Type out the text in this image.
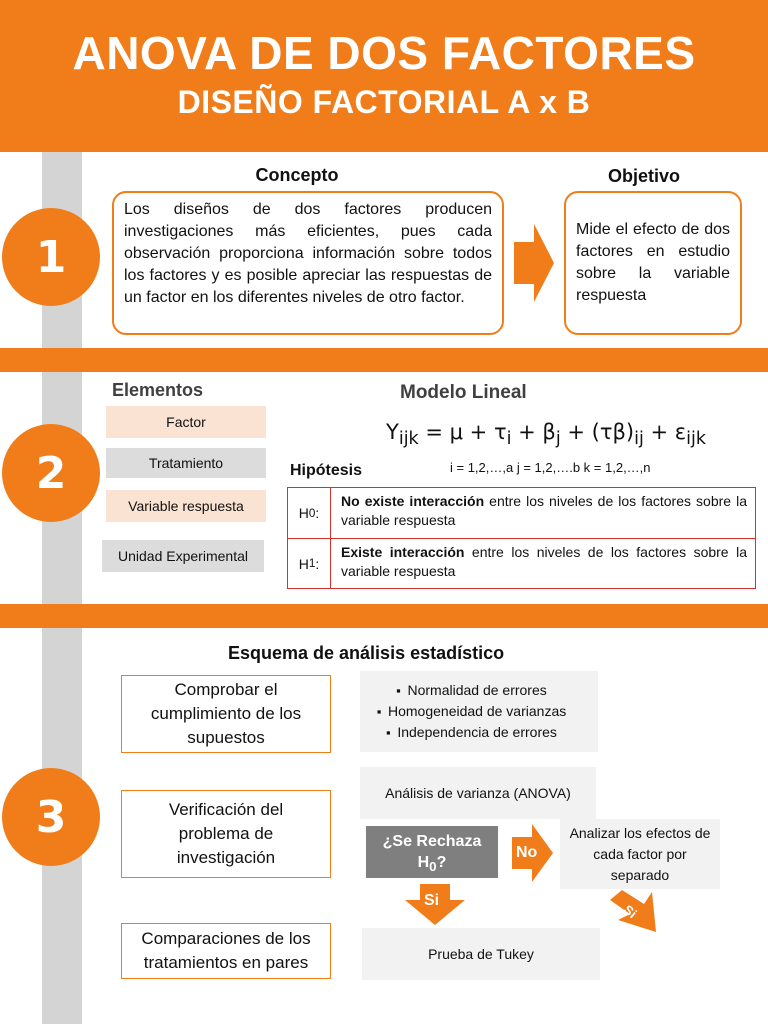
ANOVA DE DOS FACTORES
DISEÑO FACTORIAL A x B
1
2
3
Concepto
Los diseños de dos factores producen investigaciones más eficientes, pues cada observación proporciona información sobre todos los factores y es posible apreciar las respuestas de un factor en los diferentes niveles de otro factor.
Objetivo
Mide el efecto de dos factores en estudio sobre la variable respuesta
Elementos
Factor
Tratamiento
Variable respuesta
Unidad Experimental
Modelo Lineal
$Y_{ijk} = \mu + \tau_i + \beta_j + (\tau\beta)_{ij} + \varepsilon_{ijk}$
Hipótesis	i = 1,2,…,a j = 1,2,….b k = 1,2,…,n
H 0 :
No existe interacción entre los niveles de los factores sobre la variable respuesta
H 1 :
Existe interacción entre los niveles de los factores sobre la variable respuesta
Esquema de análisis estadístico
Comprobar el cumplimiento de los supuestos
▪ Normalidad de errores
▪ Homogeneidad de varianzas
▪ Independencia de errores
Verificación del problema de investigación
Análisis de varianza (ANOVA)
¿Se Rechaza
$H_0$?
No
Analizar los efectos de cada factor por separado
Si
Si
Comparaciones de los tratamientos en pares	Prueba de Tukey
